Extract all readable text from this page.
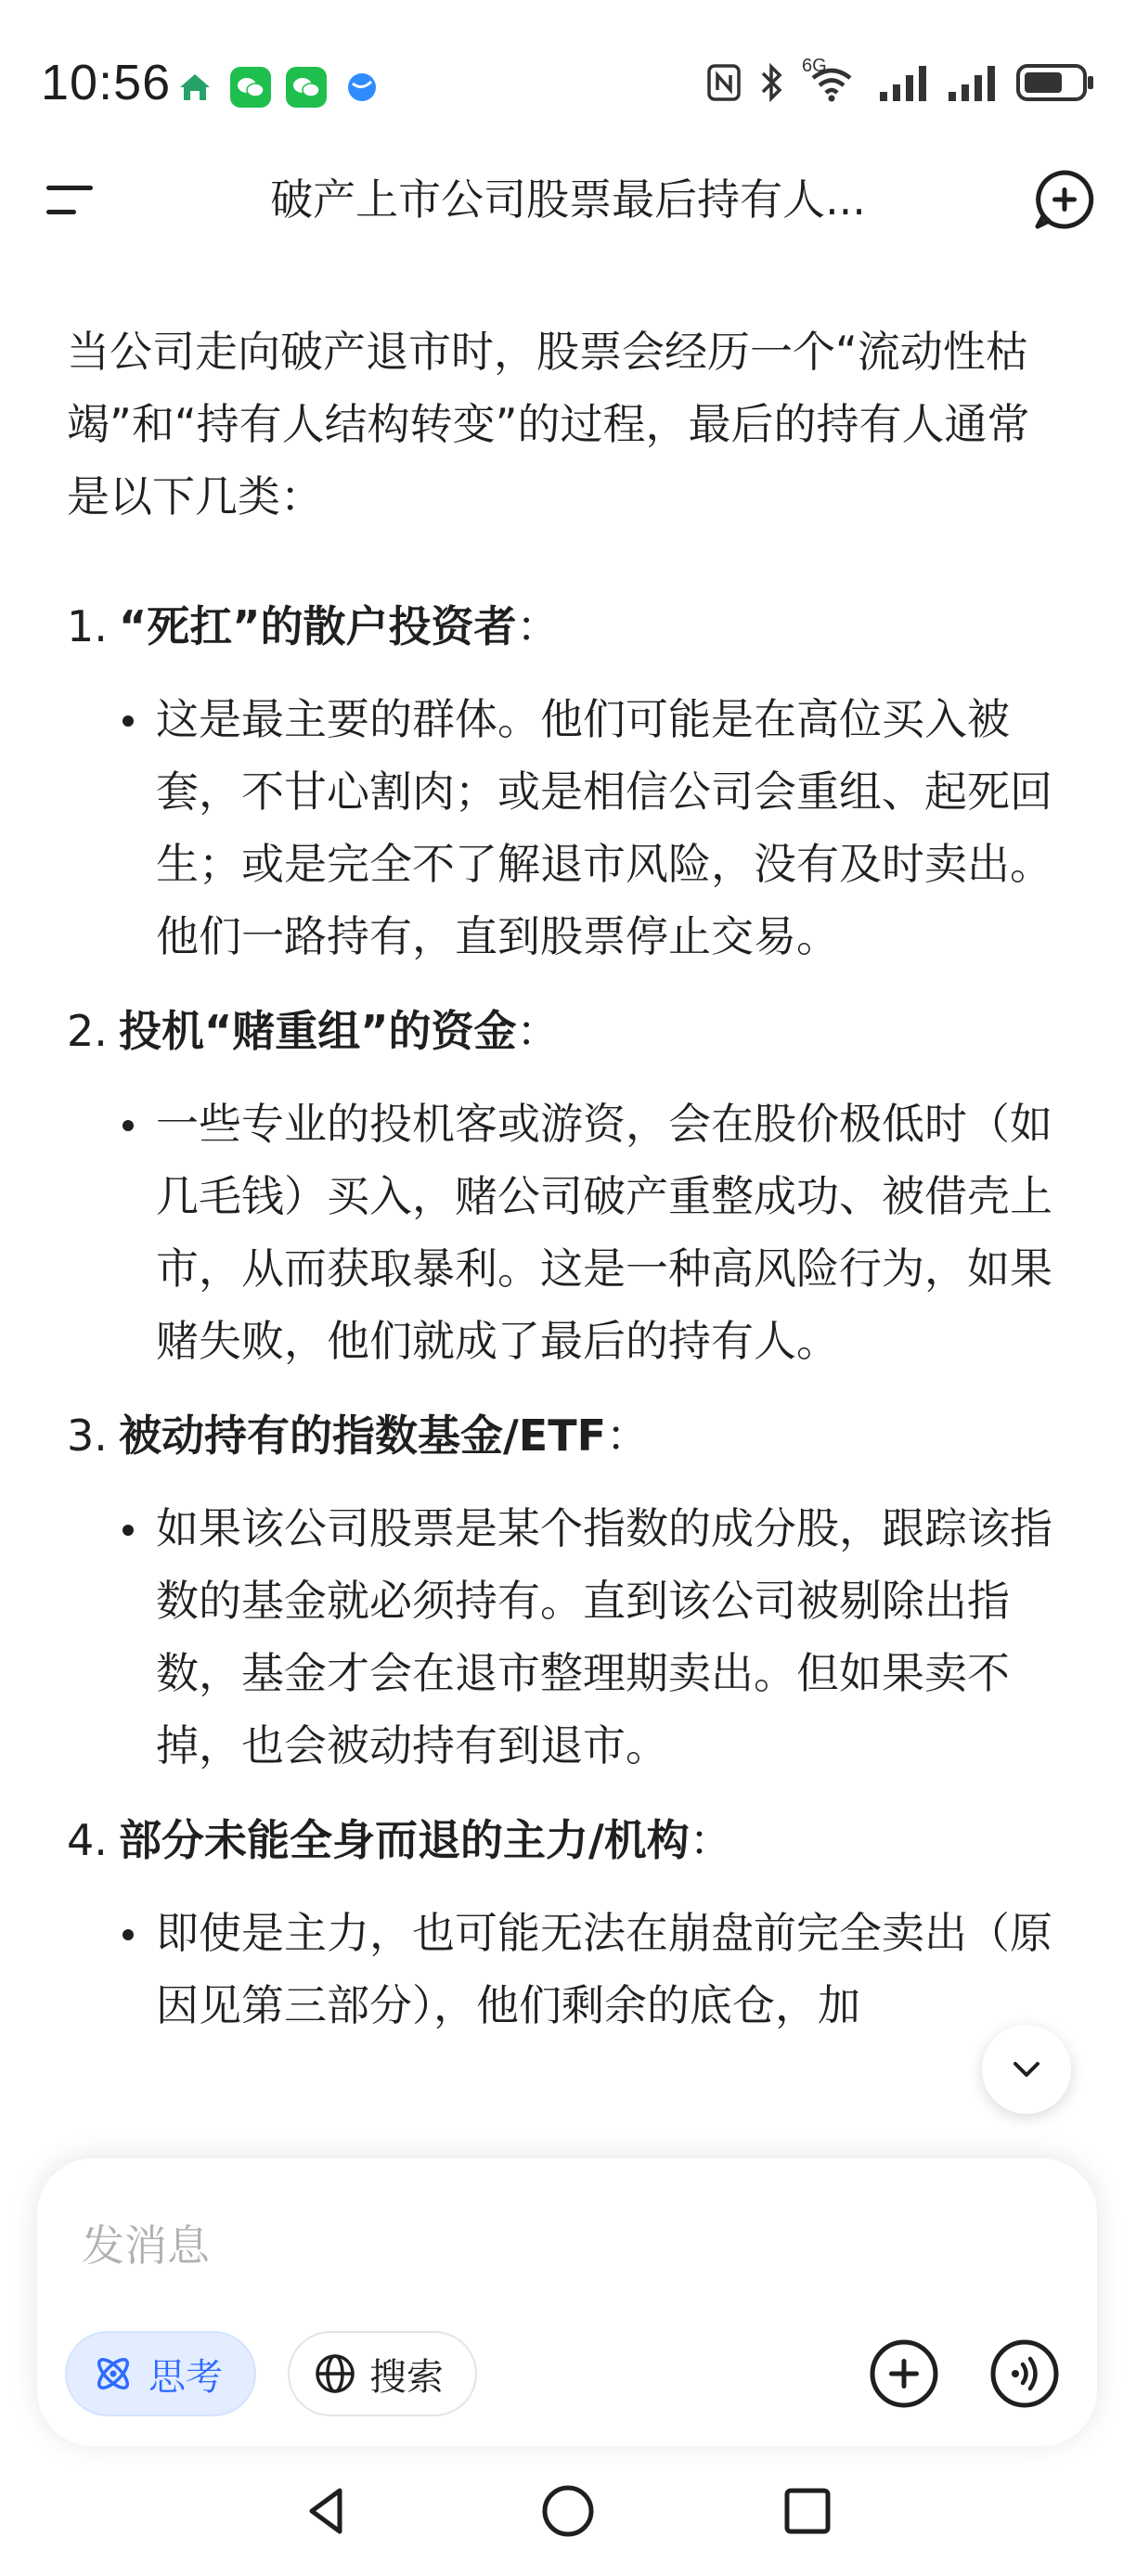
10:56	6G
破产上市公司股票最后持有人...

当公司走向破产退市时，股票会经历一个“流动性枯竭”和“持有人结构转变”的过程，最后的持有人通常是以下几类：

1. “死扛”的散户投资者：
这是最主要的群体。他们可能是在高位买入被套，不甘心割肉；或是相信公司会重组、起死回生；或是完全不了解退市风险，没有及时卖出。他们一路持有，直到股票停止交易。
2. 投机“赌重组”的资金：
一些专业的投机客或游资，会在股价极低时（如几毛钱）买入，赌公司破产重整成功、被借壳上市，从而获取暴利。这是一种高风险行为，如果赌失败，他们就成了最后的持有人。
3. 被动持有的指数基金/ETF：
如果该公司股票是某个指数的成分股，跟踪该指数的基金就必须持有。直到该公司被剔除出指数，基金才会在退市整理期卖出。但如果卖不掉，也会被动持有到退市。
4. 部分未能全身而退的主力/机构：
即使是主力，也可能无法在崩盘前完全卖出（原因见第三部分），他们剩余的底仓，加
发消息
思考	搜索
